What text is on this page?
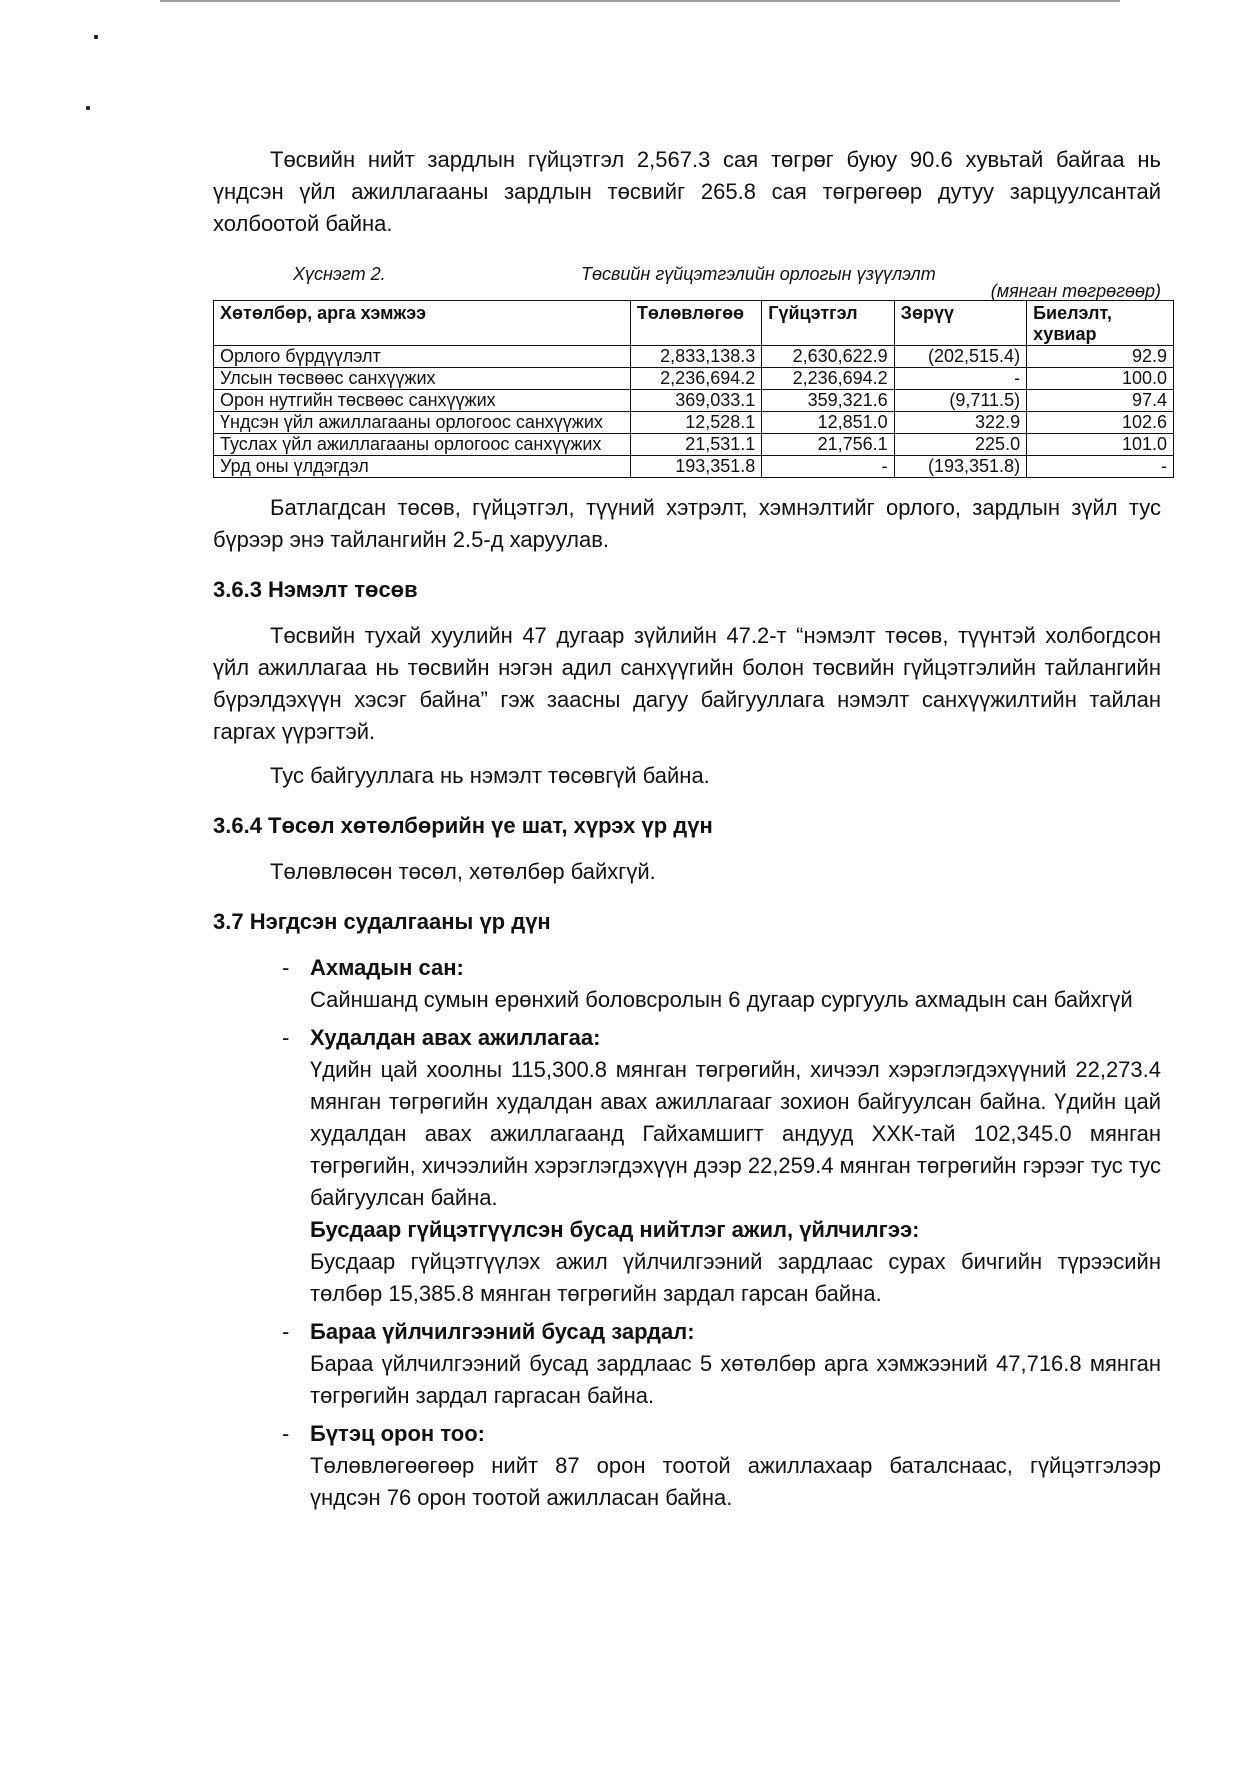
Төсвийн нийт зардлын гүйцэтгэл 2,567.3 сая төгрөг буюу 90.6 хувьтай байгаа нь үндсэн үйл ажиллагааны зардлын төсвийг 265.8 сая төгрөгөөр дутуу зарцуулсантай холбоотой байна.

Хүснэгт 2.	Төсвийн гүйцэтгэлийн орлогын үзүүлэлт
(мянган төгрөгөөр)
Хөтөлбөр, арга хэмжээ	Төлөвлөгөө	Гүйцэтгэл	Зөрүү	Биелэлт, хувиар
Орлого бүрдүүлэлт	2,833,138.3	2,630,622.9	(202,515.4)	92.9
Улсын төсвөөс санхүүжих	2,236,694.2	2,236,694.2	-	100.0
Орон нутгийн төсвөөс санхүүжих	369,033.1	359,321.6	(9,711.5)	97.4
Үндсэн үйл ажиллагааны орлогоос санхүүжих	12,528.1	12,851.0	322.9	102.6
Туслах үйл ажиллагааны орлогоос санхүүжих	21,531.1	21,756.1	225.0	101.0
Урд оны үлдэгдэл	193,351.8	-	(193,351.8)	-

Батлагдсан төсөв, гүйцэтгэл, түүний хэтрэлт, хэмнэлтийг орлого, зардлын зүйл тус бүрээр энэ тайлангийн 2.5-д харуулав.

3.6.3 Нэмэлт төсөв

Төсвийн тухай хуулийн 47 дугаар зүйлийн 47.2-т “нэмэлт төсөв, түүнтэй холбогдсон үйл ажиллагаа нь төсвийн нэгэн адил санхүүгийн болон төсвийн гүйцэтгэлийн тайлангийн бүрэлдэхүүн хэсэг байна” гэж заасны дагуу байгууллага нэмэлт санхүүжилтийн тайлан гаргах үүрэгтэй.

Тус байгууллага нь нэмэлт төсөвгүй байна.

3.6.4 Төсөл хөтөлбөрийн үе шат, хүрэх үр дүн

Төлөвлөсөн төсөл, хөтөлбөр байхгүй.

3.7 Нэгдсэн судалгааны үр дүн
- Ахмадын сан:

Сайншанд сумын ерөнхий боловсролын 6 дугаар сургууль ахмадын сан байхгүй

- Худалдан авах ажиллагаа:

Үдийн цай хоолны 115,300.8 мянган төгрөгийн, хичээл хэрэглэгдэхүүний 22,273.4 мянган төгрөгийн худалдан авах ажиллагааг зохион байгуулсан байна. Үдийн цай худалдан авах ажиллагаанд Гайхамшигт андууд ХХК-тай 102,345.0 мянган төгрөгийн, хичээлийн хэрэглэгдэхүүн дээр 22,259.4 мянган төгрөгийн гэрээг тус тус байгуулсан байна.

Бусдаар гүйцэтгүүлсэн бусад нийтлэг ажил, үйлчилгээ:

Бусдаар гүйцэтгүүлэх ажил үйлчилгээний зардлаас сурах бичгийн түрээсийн төлбөр 15,385.8 мянган төгрөгийн зардал гарсан байна.

- Бараа үйлчилгээний бусад зардал:

Бараа үйлчилгээний бусад зардлаас 5 хөтөлбөр арга хэмжээний 47,716.8 мянган төгрөгийн зардал гаргасан байна.

- Бүтэц орон тоо:

Төлөвлөгөөгөөр нийт 87 орон тоотой ажиллахаар баталснаас, гүйцэтгэлээр үндсэн 76 орон тоотой ажилласан байна.
